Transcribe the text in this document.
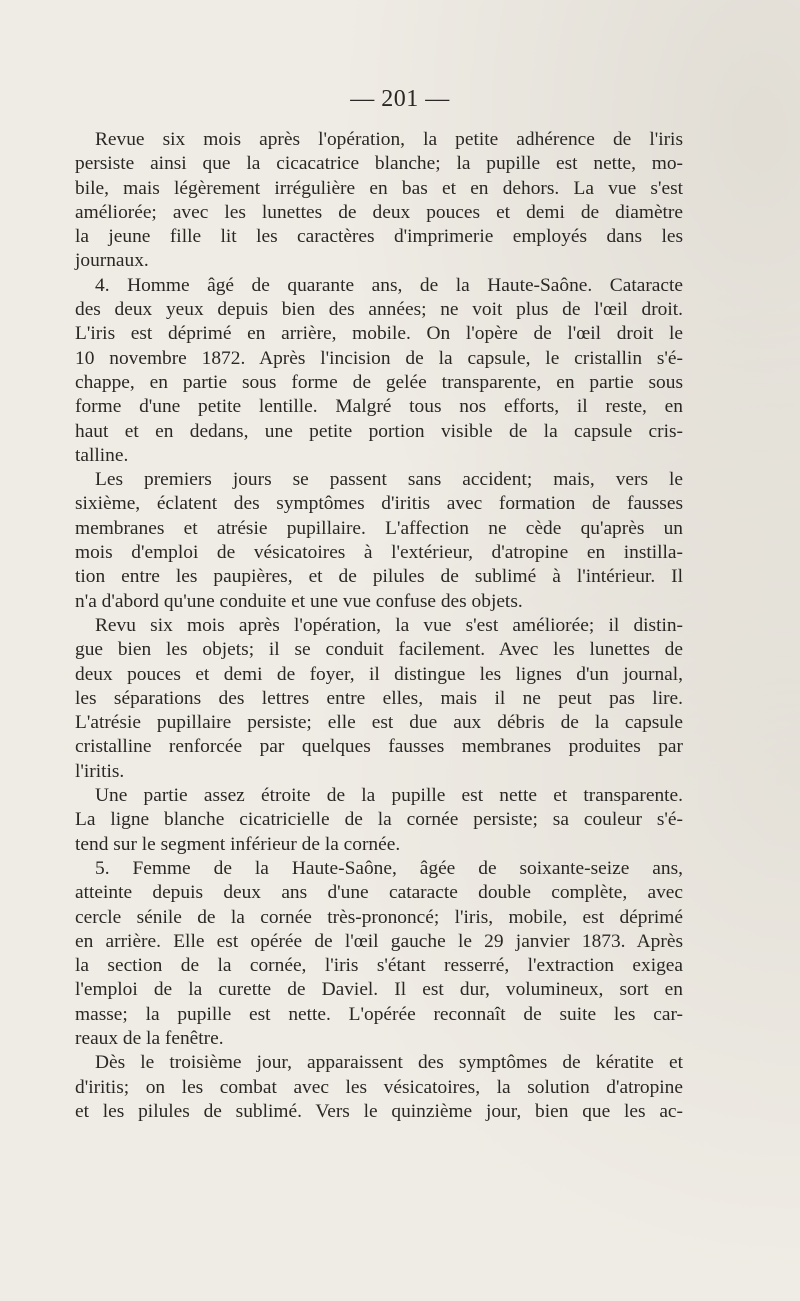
— 201 —
Revue six mois après l'opération, la petite adhérence de l'iris
persiste ainsi que la cicacatrice blanche; la pupille est nette, mo-
bile, mais légèrement irrégulière en bas et en dehors. La vue s'est
améliorée; avec les lunettes de deux pouces et demi de diamètre
la jeune fille lit les caractères d'imprimerie employés dans les
journaux.
4. Homme âgé de quarante ans, de la Haute-Saône. Cataracte
des deux yeux depuis bien des années; ne voit plus de l'œil droit.
L'iris est déprimé en arrière, mobile. On l'opère de l'œil droit le
10 novembre 1872. Après l'incision de la capsule, le cristallin s'é-
chappe, en partie sous forme de gelée transparente, en partie sous
forme d'une petite lentille. Malgré tous nos efforts, il reste, en
haut et en dedans, une petite portion visible de la capsule cris-
talline.
Les premiers jours se passent sans accident; mais, vers le
sixième, éclatent des symptômes d'iritis avec formation de fausses
membranes et atrésie pupillaire. L'affection ne cède qu'après un
mois d'emploi de vésicatoires à l'extérieur, d'atropine en instilla-
tion entre les paupières, et de pilules de sublimé à l'intérieur. Il
n'a d'abord qu'une conduite et une vue confuse des objets.
Revu six mois après l'opération, la vue s'est améliorée; il distin-
gue bien les objets; il se conduit facilement. Avec les lunettes de
deux pouces et demi de foyer, il distingue les lignes d'un journal,
les séparations des lettres entre elles, mais il ne peut pas lire.
L'atrésie pupillaire persiste; elle est due aux débris de la capsule
cristalline renforcée par quelques fausses membranes produites par
l'iritis.
Une partie assez étroite de la pupille est nette et transparente.
La ligne blanche cicatricielle de la cornée persiste; sa couleur s'é-
tend sur le segment inférieur de la cornée.
5. Femme de la Haute-Saône, âgée de soixante-seize ans,
atteinte depuis deux ans d'une cataracte double complète, avec
cercle sénile de la cornée très-prononcé; l'iris, mobile, est déprimé
en arrière. Elle est opérée de l'œil gauche le 29 janvier 1873. Après
la section de la cornée, l'iris s'étant resserré, l'extraction exigea
l'emploi de la curette de Daviel. Il est dur, volumineux, sort en
masse; la pupille est nette. L'opérée reconnaît de suite les car-
reaux de la fenêtre.
Dès le troisième jour, apparaissent des symptômes de kératite et
d'iritis; on les combat avec les vésicatoires, la solution d'atropine
et les pilules de sublimé. Vers le quinzième jour, bien que les ac-
